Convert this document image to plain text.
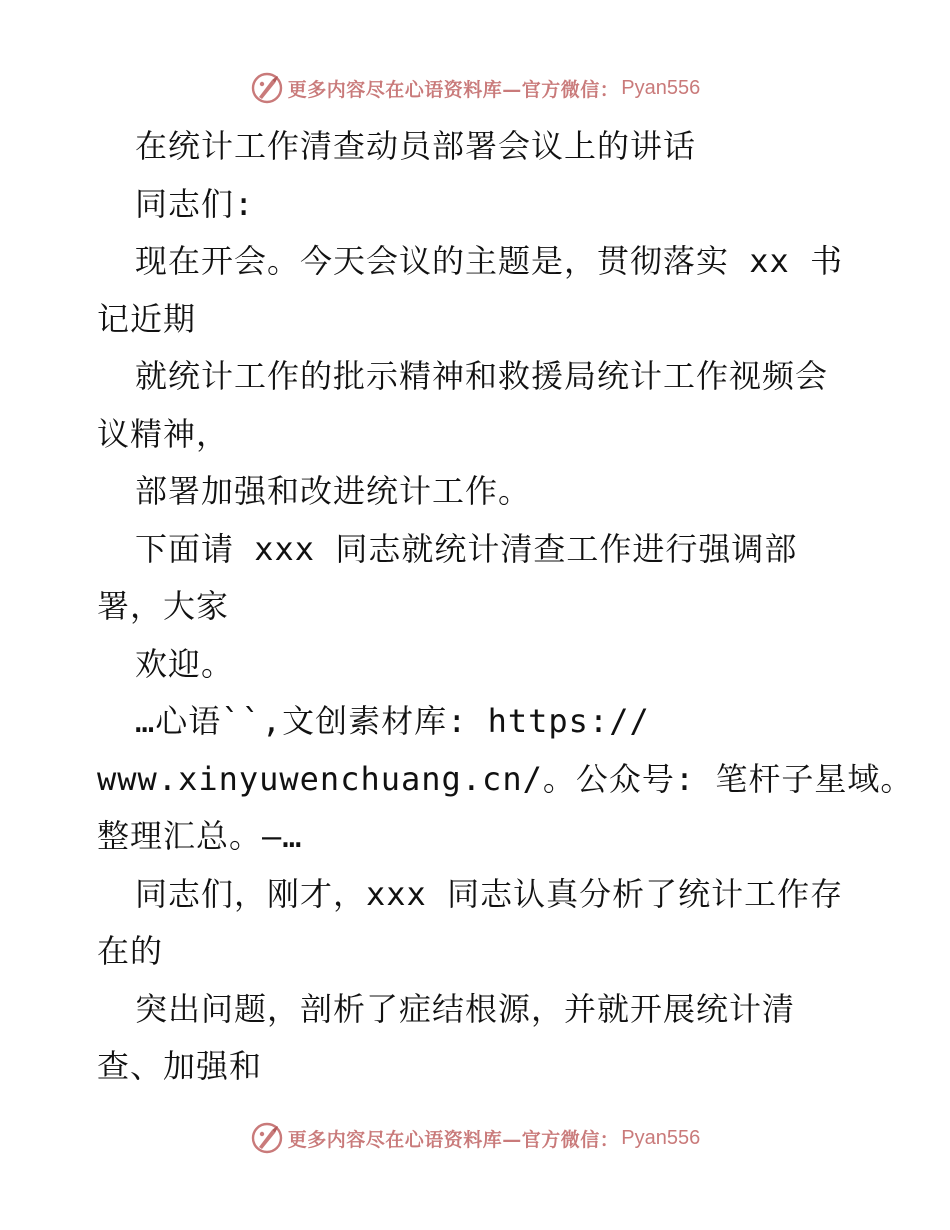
更多内容尽在心语资料库—官方微信： Pyan556
在统计工作清查动员部署会议上的讲话
同志们:
现在开会。今天会议的主题是，贯彻落实 xx 书
记近期
就统计工作的批示精神和救援局统计工作视频会
议精神，
部署加强和改进统计工作。
下面请 xxx 同志就统计清查工作进行强调部
署，大家
欢迎。
…心语``,文创素材库: https://
www.xinyuwenchuang.cn/。公众号: 笔杆子星域。
整理汇总。—…
同志们，刚才，xxx 同志认真分析了统计工作存
在的
突出问题，剖析了症结根源，并就开展统计清
查、加强和
更多内容尽在心语资料库—官方微信： Pyan556
